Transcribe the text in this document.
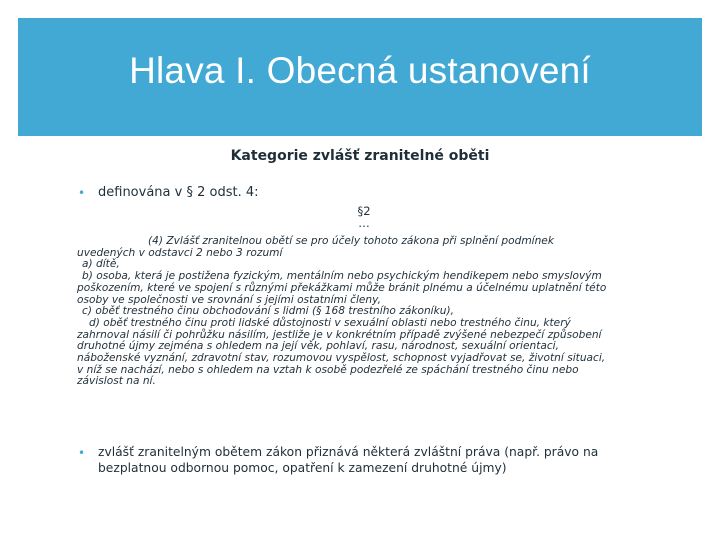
Hlava I. Obecná ustanovení
Kategorie zvlášť zranitelné oběti
• definována v § 2 odst. 4:
§2
…
(4) Zvlášť zranitelnou obětí se pro účely tohoto zákona při splnění podmínek
uvedených v odstavci 2 nebo 3 rozumí
a) dítě,
b) osoba, která je postižena fyzickým, mentálním nebo psychickým hendikepem nebo smyslovým
poškozením, které ve spojení s různými překážkami může bránit plnému a účelnému uplatnění této
osoby ve společnosti ve srovnání s jejími ostatními členy,
c) oběť trestného činu obchodování s lidmi (§ 168 trestního zákoníku),
d) oběť trestného činu proti lidské důstojnosti v sexuální oblasti nebo trestného činu, který
zahrnoval násilí či pohrůžku násilím, jestliže je v konkrétním případě zvýšené nebezpečí způsobení
druhotné újmy zejména s ohledem na její věk, pohlaví, rasu, národnost, sexuální orientaci,
náboženské vyznání, zdravotní stav, rozumovou vyspělost, schopnost vyjadřovat se, životní situaci,
v níž se nachází, nebo s ohledem na vztah k osobě podezřelé ze spáchání trestného činu nebo
závislost na ní.
• zvlášť zranitelným obětem zákon přiznává některá zvláštní práva (např. právo na
bezplatnou odbornou pomoc, opatření k zamezení druhotné újmy)
